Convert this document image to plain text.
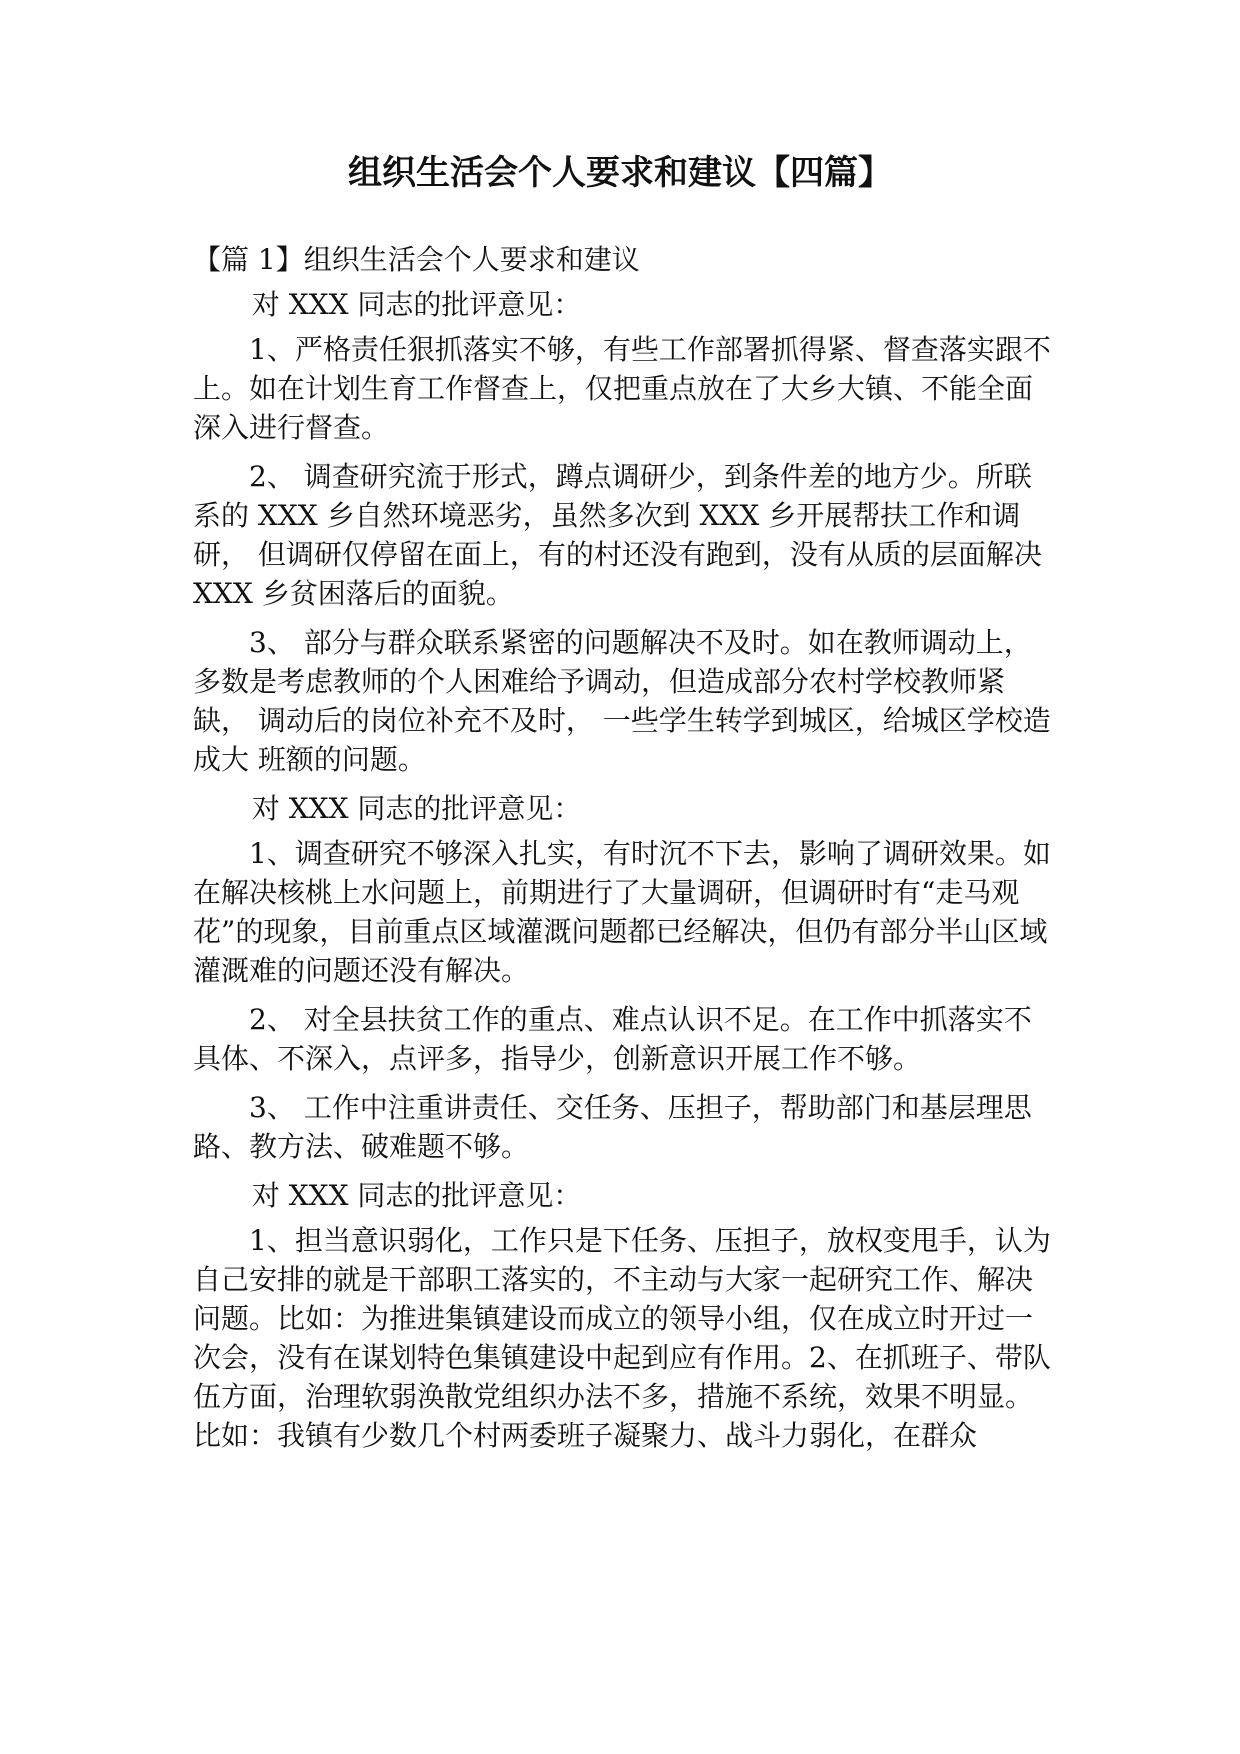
组织生活会个人要求和建议【四篇】

【篇 1】组织生活会个人要求和建议

对 XXX 同志的批评意见：

1、严格责任狠抓落实不够，有些工作部署抓得紧、督查落实跟不上。如在计划生育工作督查上，仅把重点放在了大乡大镇、不能全面深入进行督查。

2、 调查研究流于形式，蹲点调研少，到条件差的地方少。所联系的 XXX 乡自然环境恶劣，虽然多次到 XXX 乡开展帮扶工作和调研， 但调研仅停留在面上，有的村还没有跑到，没有从质的层面解决 XXX 乡贫困落后的面貌。

3、 部分与群众联系紧密的问题解决不及时。如在教师调动上，多数是考虑教师的个人困难给予调动，但造成部分农村学校教师紧缺， 调动后的岗位补充不及时， 一些学生转学到城区，给城区学校造成大 班额的问题。

对 XXX 同志的批评意见：

1、调查研究不够深入扎实，有时沉不下去，影响了调研效果。如在解决核桃上水问题上，前期进行了大量调研，但调研时有“走马观花”的现象，目前重点区域灌溉问题都已经解决，但仍有部分半山区域灌溉难的问题还没有解决。

2、 对全县扶贫工作的重点、难点认识不足。在工作中抓落实不 具体、不深入，点评多，指导少，创新意识开展工作不够。

3、 工作中注重讲责任、交任务、压担子，帮助部门和基层理思 路、教方法、破难题不够。

对 XXX 同志的批评意见：

1、担当意识弱化，工作只是下任务、压担子，放权变甩手，认为自己安排的就是干部职工落实的，不主动与大家一起研究工作、解决问题。比如：为推进集镇建设而成立的领导小组，仅在成立时开过一次会，没有在谋划特色集镇建设中起到应有作用。2、在抓班子、带队伍方面，治理软弱涣散党组织办法不多，措施不系统，效果不明显。比如：我镇有少数几个村两委班子凝聚力、战斗力弱化，在群众
